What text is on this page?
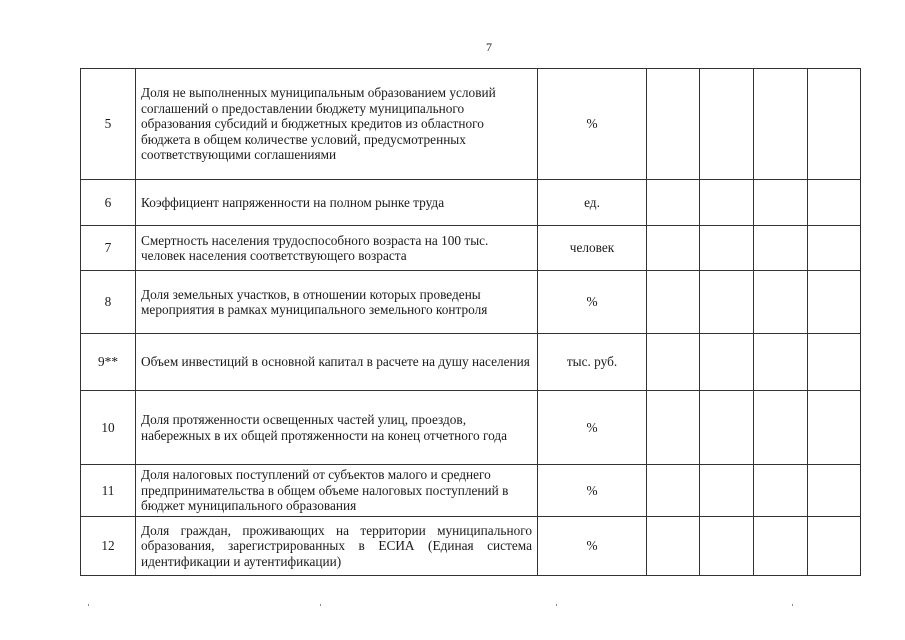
7
5	Доля не выполненных муниципальным образованием условий соглашений о предоставлении бюджету муниципального образования субсидий и бюджетных кредитов из областного бюджета в общем количестве условий, предусмотренных соответствующими соглашениями	%				
6	Коэффициент напряженности на полном рынке труда	ед.				
7	Смертность населения трудоспособного возраста на 100 тыс. человек населения соответствующего возраста	человек				
8	Доля земельных участков, в отношении которых проведены мероприятия в рамках муниципального земельного контроля	%				
9**	Объем инвестиций в основной капитал в расчете на душу населения	тыс. руб.				
10	Доля протяженности освещенных частей улиц, проездов, набережных в их общей протяженности на конец отчетного года	%				
11	Доля налоговых поступлений от субъектов малого и среднего предпринимательства в общем объеме налоговых поступлений в бюджет муниципального образования	%				
12	Доля граждан, проживающих на территории муниципального образования, зарегистрированных в ЕСИА (Единая система идентификации и аутентификации)	%				
